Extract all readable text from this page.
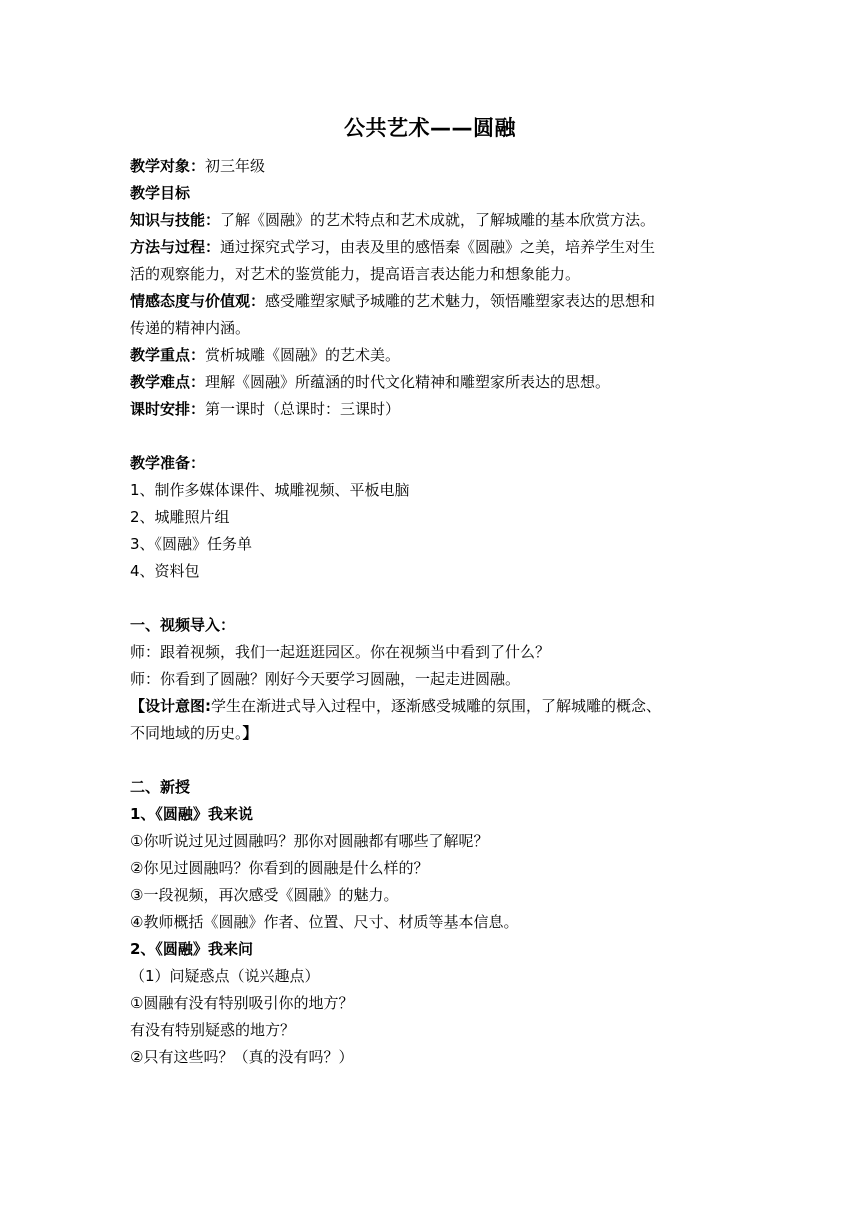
公共艺术——圆融
教学对象：初三年级
教学目标
知识与技能：了解《圆融》的艺术特点和艺术成就，了解城雕的基本欣赏方法。
方法与过程：通过探究式学习，由表及里的感悟秦《圆融》之美，培养学生对生
活的观察能力，对艺术的鉴赏能力，提高语言表达能力和想象能力。
情感态度与价值观：感受雕塑家赋予城雕的艺术魅力，领悟雕塑家表达的思想和
传递的精神内涵。
教学重点：赏析城雕《圆融》的艺术美。
教学难点：理解《圆融》所蕴涵的时代文化精神和雕塑家所表达的思想。
课时安排：第一课时（总课时：三课时）
教学准备：
1、制作多媒体课件、城雕视频、平板电脑
2、城雕照片组
3、《圆融》任务单
4、资料包
一、视频导入：
师：跟着视频，我们一起逛逛园区。你在视频当中看到了什么？
师：你看到了圆融？刚好今天要学习圆融，一起走进圆融。
【设计意图:学生在渐进式导入过程中，逐渐感受城雕的氛围，了解城雕的概念、
不同地域的历史。】
二、新授
1、《圆融》我来说
①你听说过见过圆融吗？那你对圆融都有哪些了解呢？
②你见过圆融吗？你看到的圆融是什么样的？
③一段视频，再次感受《圆融》的魅力。
④教师概括《圆融》作者、位置、尺寸、材质等基本信息。
2、《圆融》我来问
（1）问疑惑点（说兴趣点）
①圆融有没有特别吸引你的地方？
有没有特别疑惑的地方？
②只有这些吗？（真的没有吗？）
